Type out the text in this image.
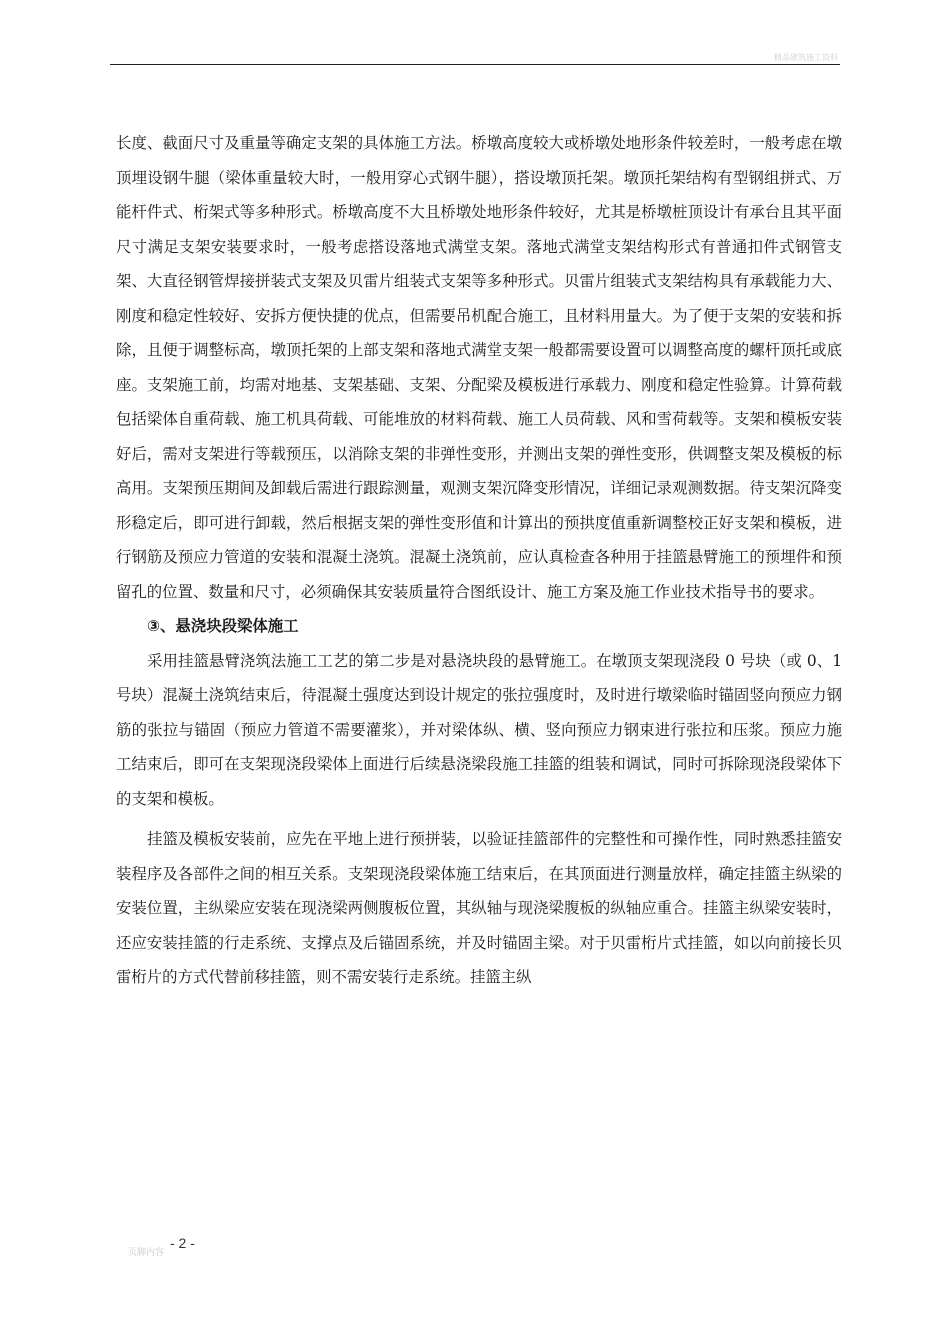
精品建筑施工资料

长度、截面尺寸及重量等确定支架的具体施工方法。桥墩高度较大或桥墩处地形条件较差时，一般考虑在墩顶埋设钢牛腿（梁体重量较大时，一般用穿心式钢牛腿），搭设墩顶托架。墩顶托架结构有型钢组拼式、万能杆件式、桁架式等多种形式。桥墩高度不大且桥墩处地形条件较好，尤其是桥墩桩顶设计有承台且其平面尺寸满足支架安装要求时，一般考虑搭设落地式满堂支架。落地式满堂支架结构形式有普通扣件式钢管支架、大直径钢管焊接拼装式支架及贝雷片组装式支架等多种形式。贝雷片组装式支架结构具有承载能力大、刚度和稳定性较好、安拆方便快捷的优点，但需要吊机配合施工，且材料用量大。为了便于支架的安装和拆除，且便于调整标高，墩顶托架的上部支架和落地式满堂支架一般都需要设置可以调整高度的螺杆顶托或底座。支架施工前，均需对地基、支架基础、支架、分配梁及模板进行承载力、刚度和稳定性验算。计算荷载包括梁体自重荷载、施工机具荷载、可能堆放的材料荷载、施工人员荷载、风和雪荷载等。支架和模板安装好后，需对支架进行等载预压，以消除支架的非弹性变形，并测出支架的弹性变形，供调整支架及模板的标高用。支架预压期间及卸载后需进行跟踪测量，观测支架沉降变形情况，详细记录观测数据。待支架沉降变形稳定后，即可进行卸载，然后根据支架的弹性变形值和计算出的预拱度值重新调整校正好支架和模板，进行钢筋及预应力管道的安装和混凝土浇筑。混凝土浇筑前，应认真检查各种用于挂篮悬臂施工的预埋件和预留孔的位置、数量和尺寸，必须确保其安装质量符合图纸设计、施工方案及施工作业技术指导书的要求。

③、悬浇块段梁体施工

采用挂篮悬臂浇筑法施工工艺的第二步是对悬浇块段的悬臂施工。在墩顶支架现浇段 0 号块（或 0、1 号块）混凝土浇筑结束后，待混凝土强度达到设计规定的张拉强度时，及时进行墩梁临时锚固竖向预应力钢筋的张拉与锚固（预应力管道不需要灌浆），并对梁体纵、横、竖向预应力钢束进行张拉和压浆。预应力施工结束后，即可在支架现浇段梁体上面进行后续悬浇梁段施工挂篮的组装和调试，同时可拆除现浇段梁体下的支架和模板。

挂篮及模板安装前，应先在平地上进行预拼装，以验证挂篮部件的完整性和可操作性，同时熟悉挂篮安装程序及各部件之间的相互关系。支架现浇段梁体施工结束后，在其顶面进行测量放样，确定挂篮主纵梁的安装位置，主纵梁应安装在现浇梁两侧腹板位置，其纵轴与现浇梁腹板的纵轴应重合。挂篮主纵梁安装时，还应安装挂篮的行走系统、支撑点及后锚固系统，并及时锚固主梁。对于贝雷桁片式挂篮，如以向前接长贝雷桁片的方式代替前移挂篮，则不需安装行走系统。挂篮主纵

- 2 -
页脚内容
